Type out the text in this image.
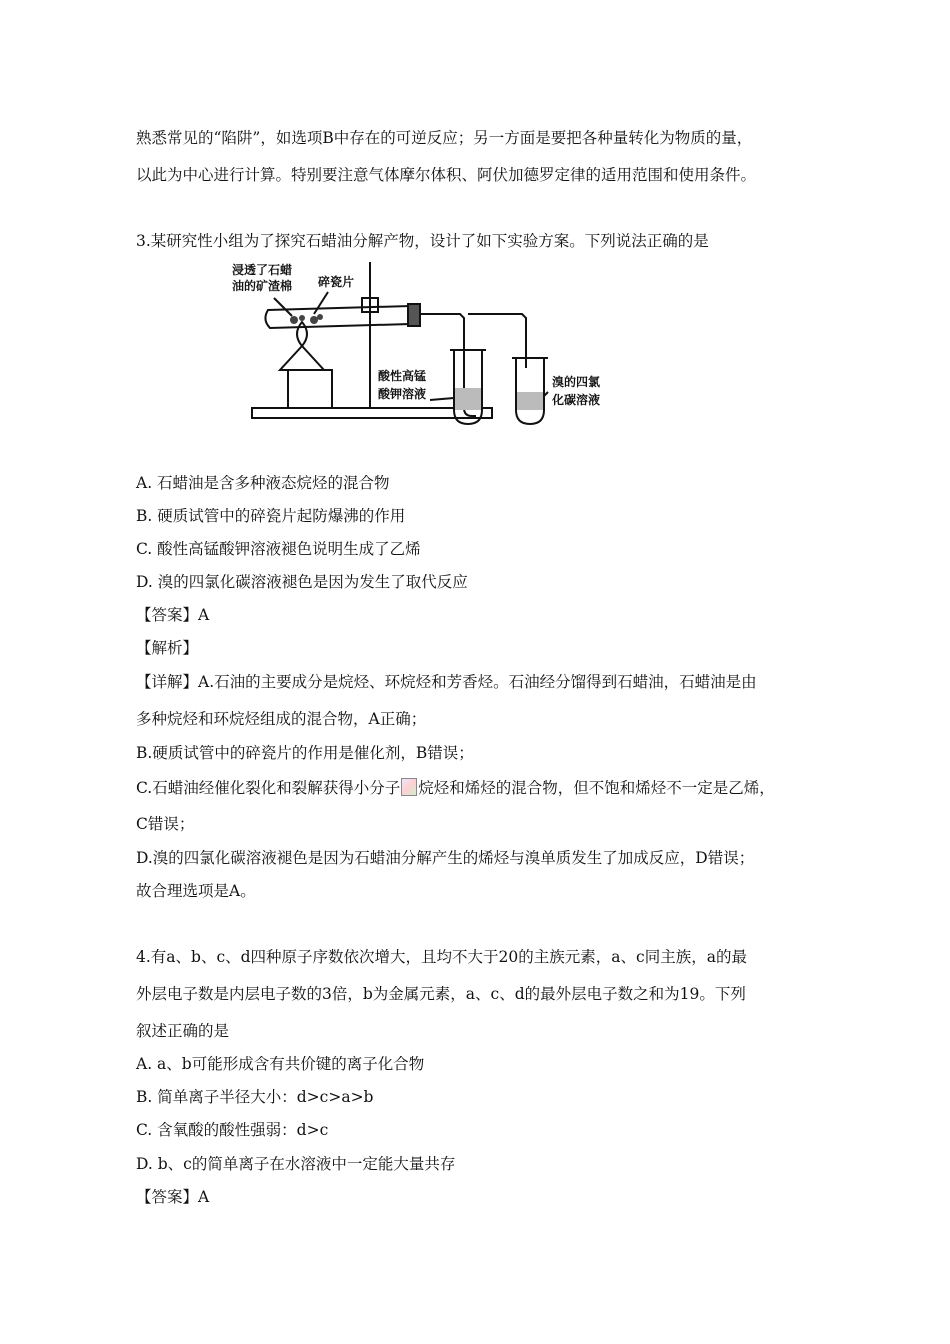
熟悉常见的“陷阱”，如选项B中存在的可逆反应；另一方面是要把各种量转化为物质的量，
以此为中心进行计算。特别要注意气体摩尔体积、阿伏加德罗定律的适用范围和使用条件。
3.某研究性小组为了探究石蜡油分解产物，设计了如下实验方案。下列说法正确的是
浸透了石蜡
油的矿渣棉 碎瓷片
酸性高锰
酸钾溶液
溴的四氯
化碳溶液
A. 石蜡油是含多种液态烷烃的混合物
B. 硬质试管中的碎瓷片起防爆沸的作用
C. 酸性高锰酸钾溶液褪色说明生成了乙烯
D. 溴的四氯化碳溶液褪色是因为发生了取代反应
【答案】A
【解析】
【详解】A.石油的主要成分是烷烃、环烷烃和芳香烃。石油经分馏得到石蜡油，石蜡油是由
多种烷烃和环烷烃组成的混合物，A正确；
B.硬质试管中的碎瓷片的作用是催化剂，B错误；
C.石蜡油经催化裂化和裂解获得小分子 烷烃和烯烃的混合物，但不饱和烯烃不一定是乙烯，
C错误；
D.溴的四氯化碳溶液褪色是因为石蜡油分解产生的烯烃与溴单质发生了加成反应，D错误；
故合理选项是A。
4.有a、b、c、d四种原子序数依次增大，且均不大于20的主族元素，a、c同主族，a的最
外层电子数是内层电子数的3倍，b为金属元素，a、c、d的最外层电子数之和为19。下列
叙述正确的是
A. a、b可能形成含有共价键的离子化合物
B. 简单离子半径大小：d>c>a>b
C. 含氧酸的酸性强弱：d>c
D. b、c的简单离子在水溶液中一定能大量共存
【答案】A
